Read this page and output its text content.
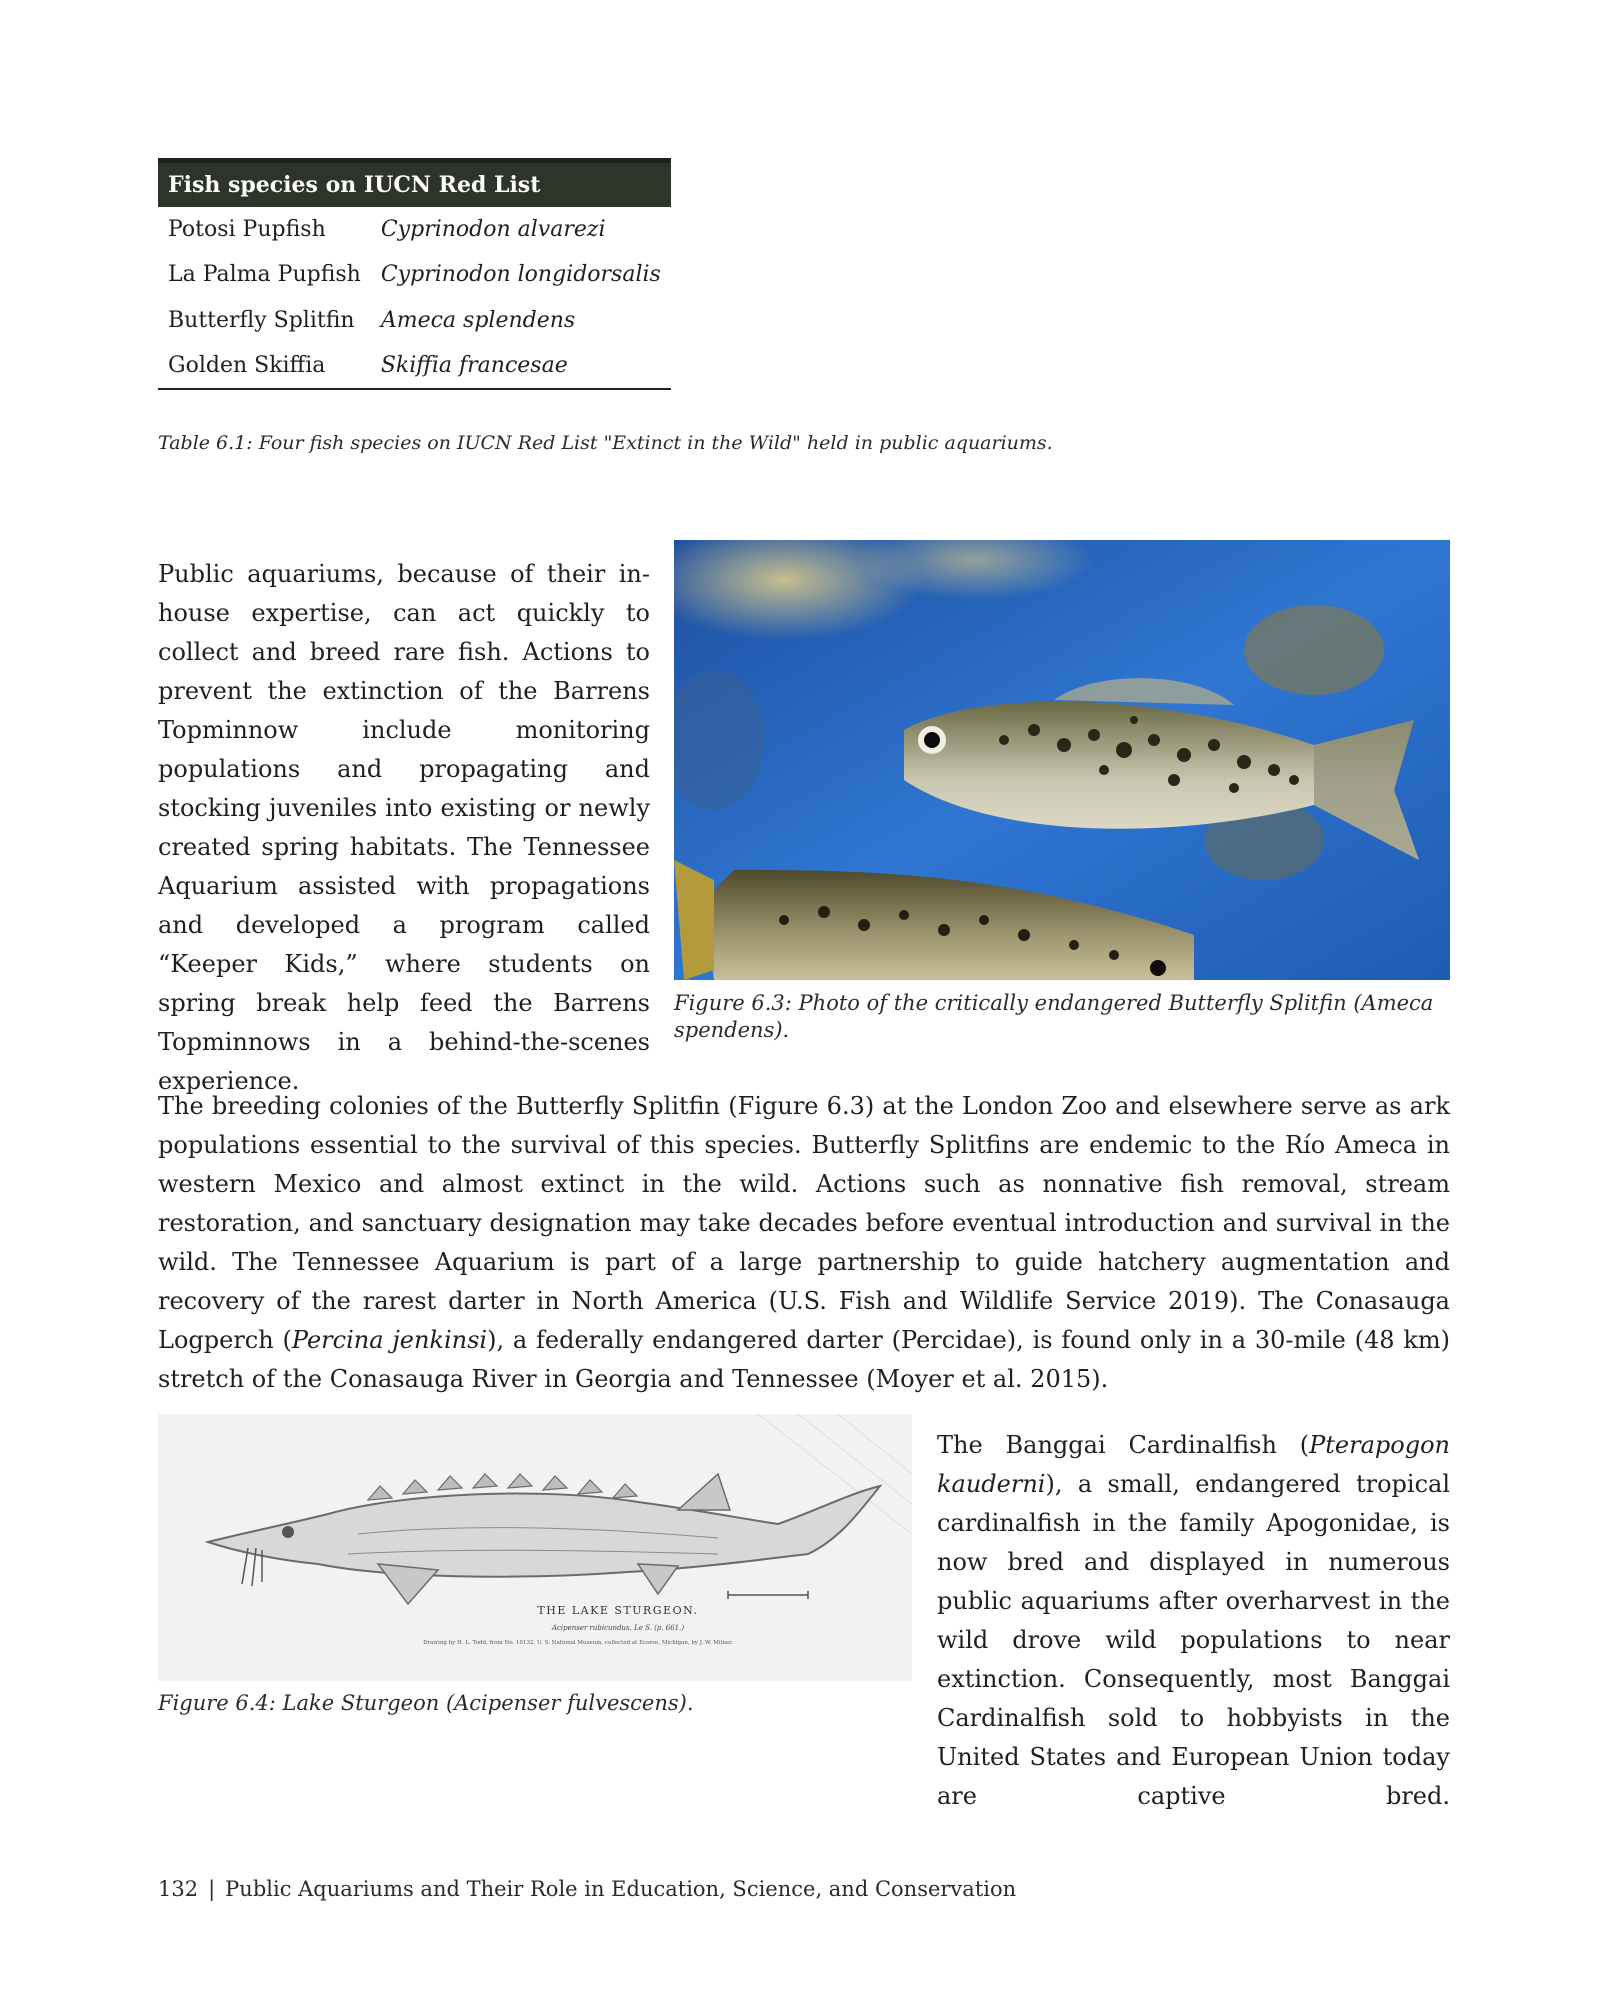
Fish species on IUCN Red List	
Potosi Pupfish	Cyprinodon alvarezi
La Palma Pupfish	Cyprinodon longidorsalis
Butterfly Splitfin	Ameca splendens
Golden Skiffia	Skiffia francesae
Table 6.1: Four fish species on IUCN Red List "Extinct in the Wild" held in public aquariums.

Public aquariums, because of their in-house expertise, can act quickly to collect and breed rare fish. Actions to prevent the extinction of the Barrens Topminnow include monitoring populations and propagating and stocking juveniles into existing or newly created spring habitats. The Tennessee Aquarium assisted with propagations and developed a program called “Keeper Kids,” where students on spring break help feed the Barrens Topminnows in a behind-the-scenes experience.

Figure 6.3: Photo of the critically endangered Butterfly Splitfin (Ameca spendens).

The breeding colonies of the Butterfly Splitfin (Figure 6.3) at the London Zoo and elsewhere serve as ark populations essential to the survival of this species. Butterfly Splitfins are endemic to the Río Ameca in western Mexico and almost extinct in the wild. Actions such as nonnative fish removal, stream restoration, and sanctuary designation may take decades before eventual introduction and survival in the wild. The Tennessee Aquarium is part of a large partnership to guide hatchery augmentation and recovery of the rarest darter in North America (U.S. Fish and Wildlife Service 2019). The Conasauga Logperch (Percina jenkinsi), a federally endangered darter (Percidae), is found only in a 30-mile (48 km) stretch of the Conasauga River in Georgia and Tennessee (Moyer et al. 2015).

THE LAKE STURGEON.
Acipenser rubicundus, Le S. (p. 661.)
Drawing by H. L. Todd, from No. 10132, U. S. National Museum, collected at Ecorse, Michigan, by J. W. Milner.
Figure 6.4: Lake Sturgeon (Acipenser fulvescens).

The Banggai Cardinalfish (Pterapogon kauderni), a small, endangered tropical cardinalfish in the family Apogonidae, is now bred and displayed in numerous public aquariums after overharvest in the wild drove wild populations to near extinction. Consequently, most Banggai Cardinalfish sold to hobbyists in the United States and European Union today are captive bred.

132 | Public Aquariums and Their Role in Education, Science, and Conservation
